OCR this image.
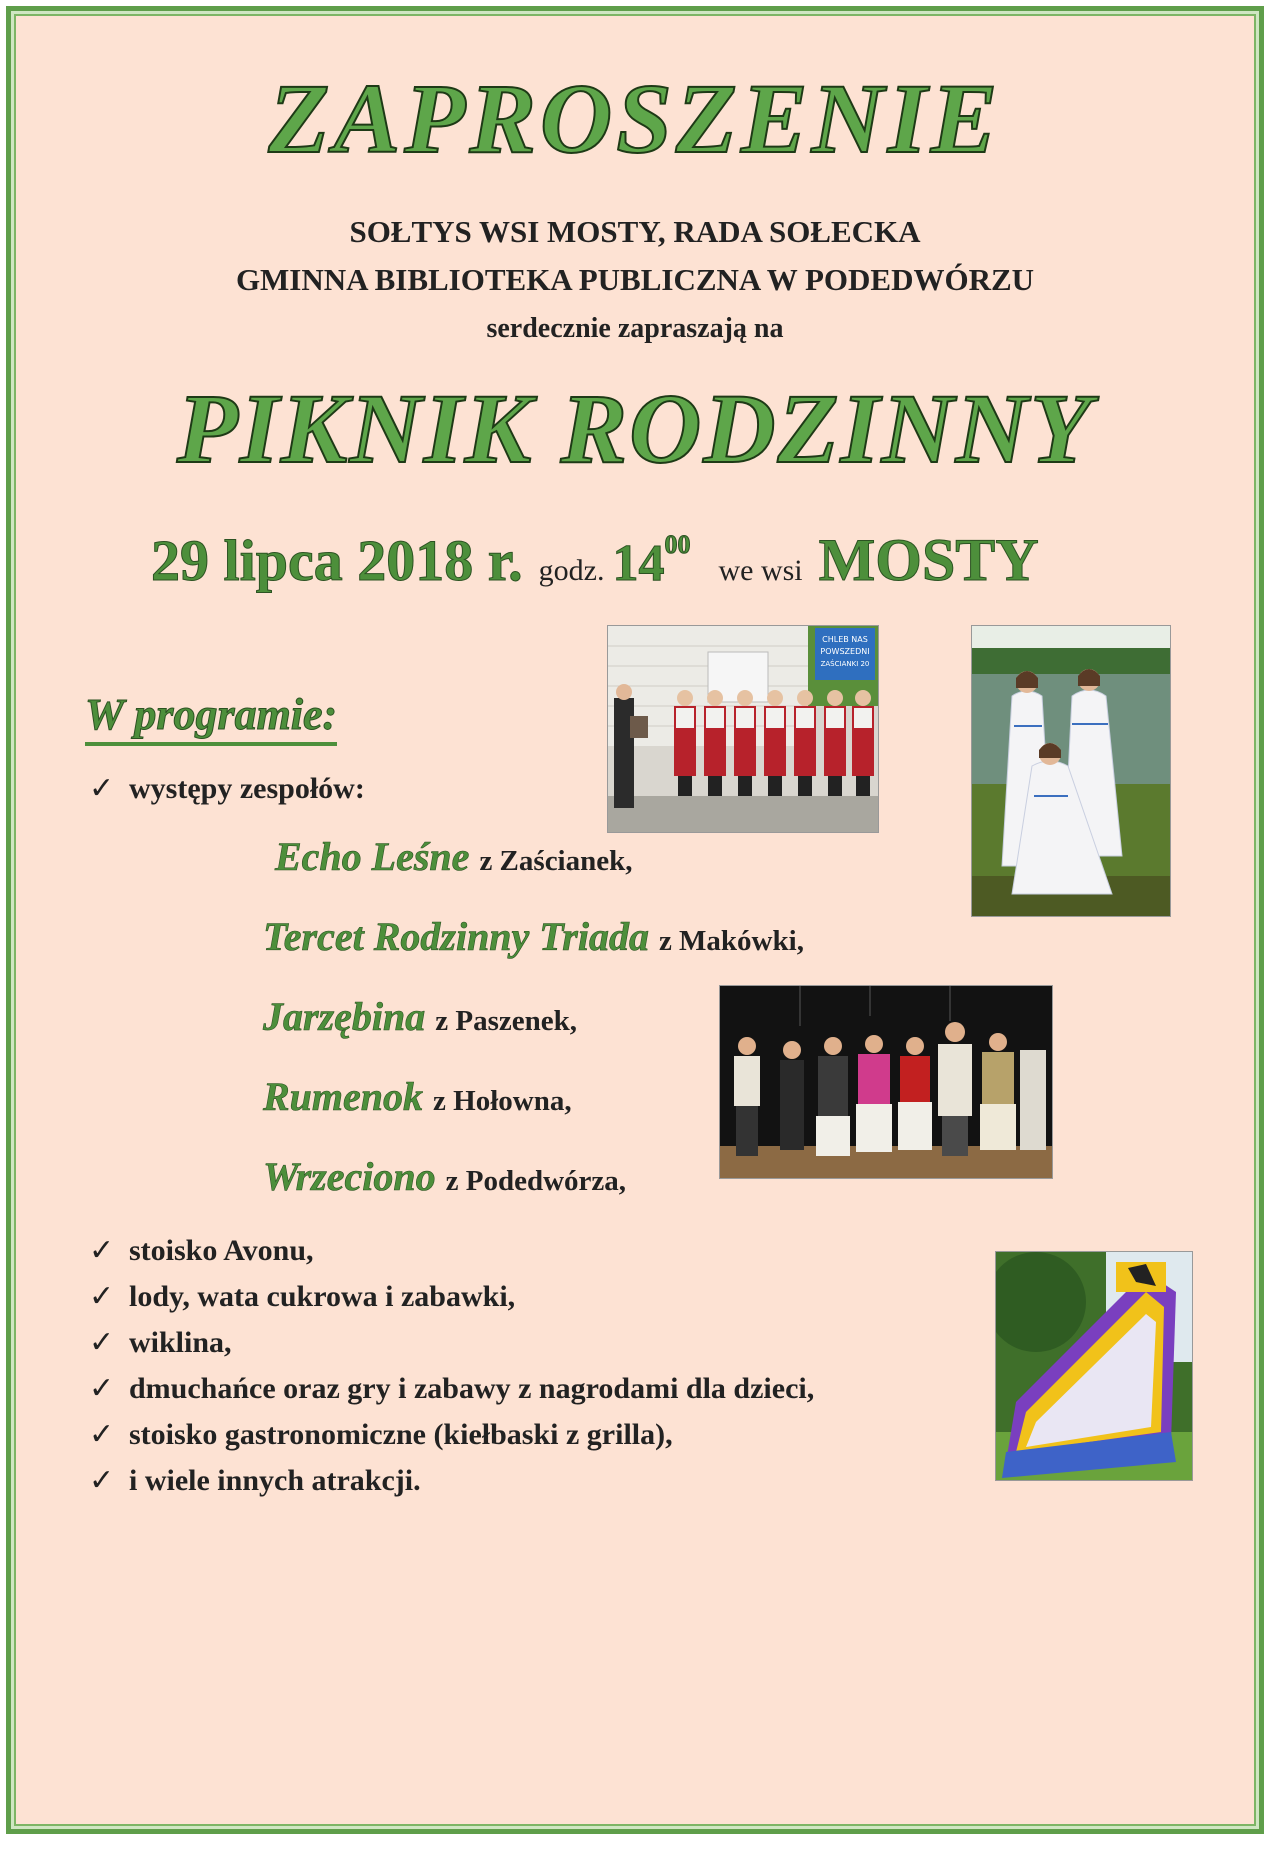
ZAPROSZENIE
SOŁTYS WSI MOSTY, RADA SOŁECKA
GMINNA BIBLIOTEKA PUBLICZNA W PODEDWÓRZU
serdecznie zapraszają na
PIKNIK RODZINNY
29 lipca 2018 r. godz. $14^{00}$ we wsi MOSTY
W programie:
✓ występy zespołów:
Echo Leśne z Zaścianek,
Tercet Rodzinny Triada z Makówki,
Jarzębina z Paszenek,
Rumenok z Hołowna,
Wrzeciono z Podedwórza,
✓ stoisko Avonu,
✓ lody, wata cukrowa i zabawki,
✓ wiklina,
✓ dmuchańce oraz gry i zabawy z nagrodami dla dzieci,
✓ stoisko gastronomiczne (kiełbaski z grilla),
✓ i wiele innych atrakcji.
CHLEB NAS
POWSZEDNI
ZAŚCIANKI 20
